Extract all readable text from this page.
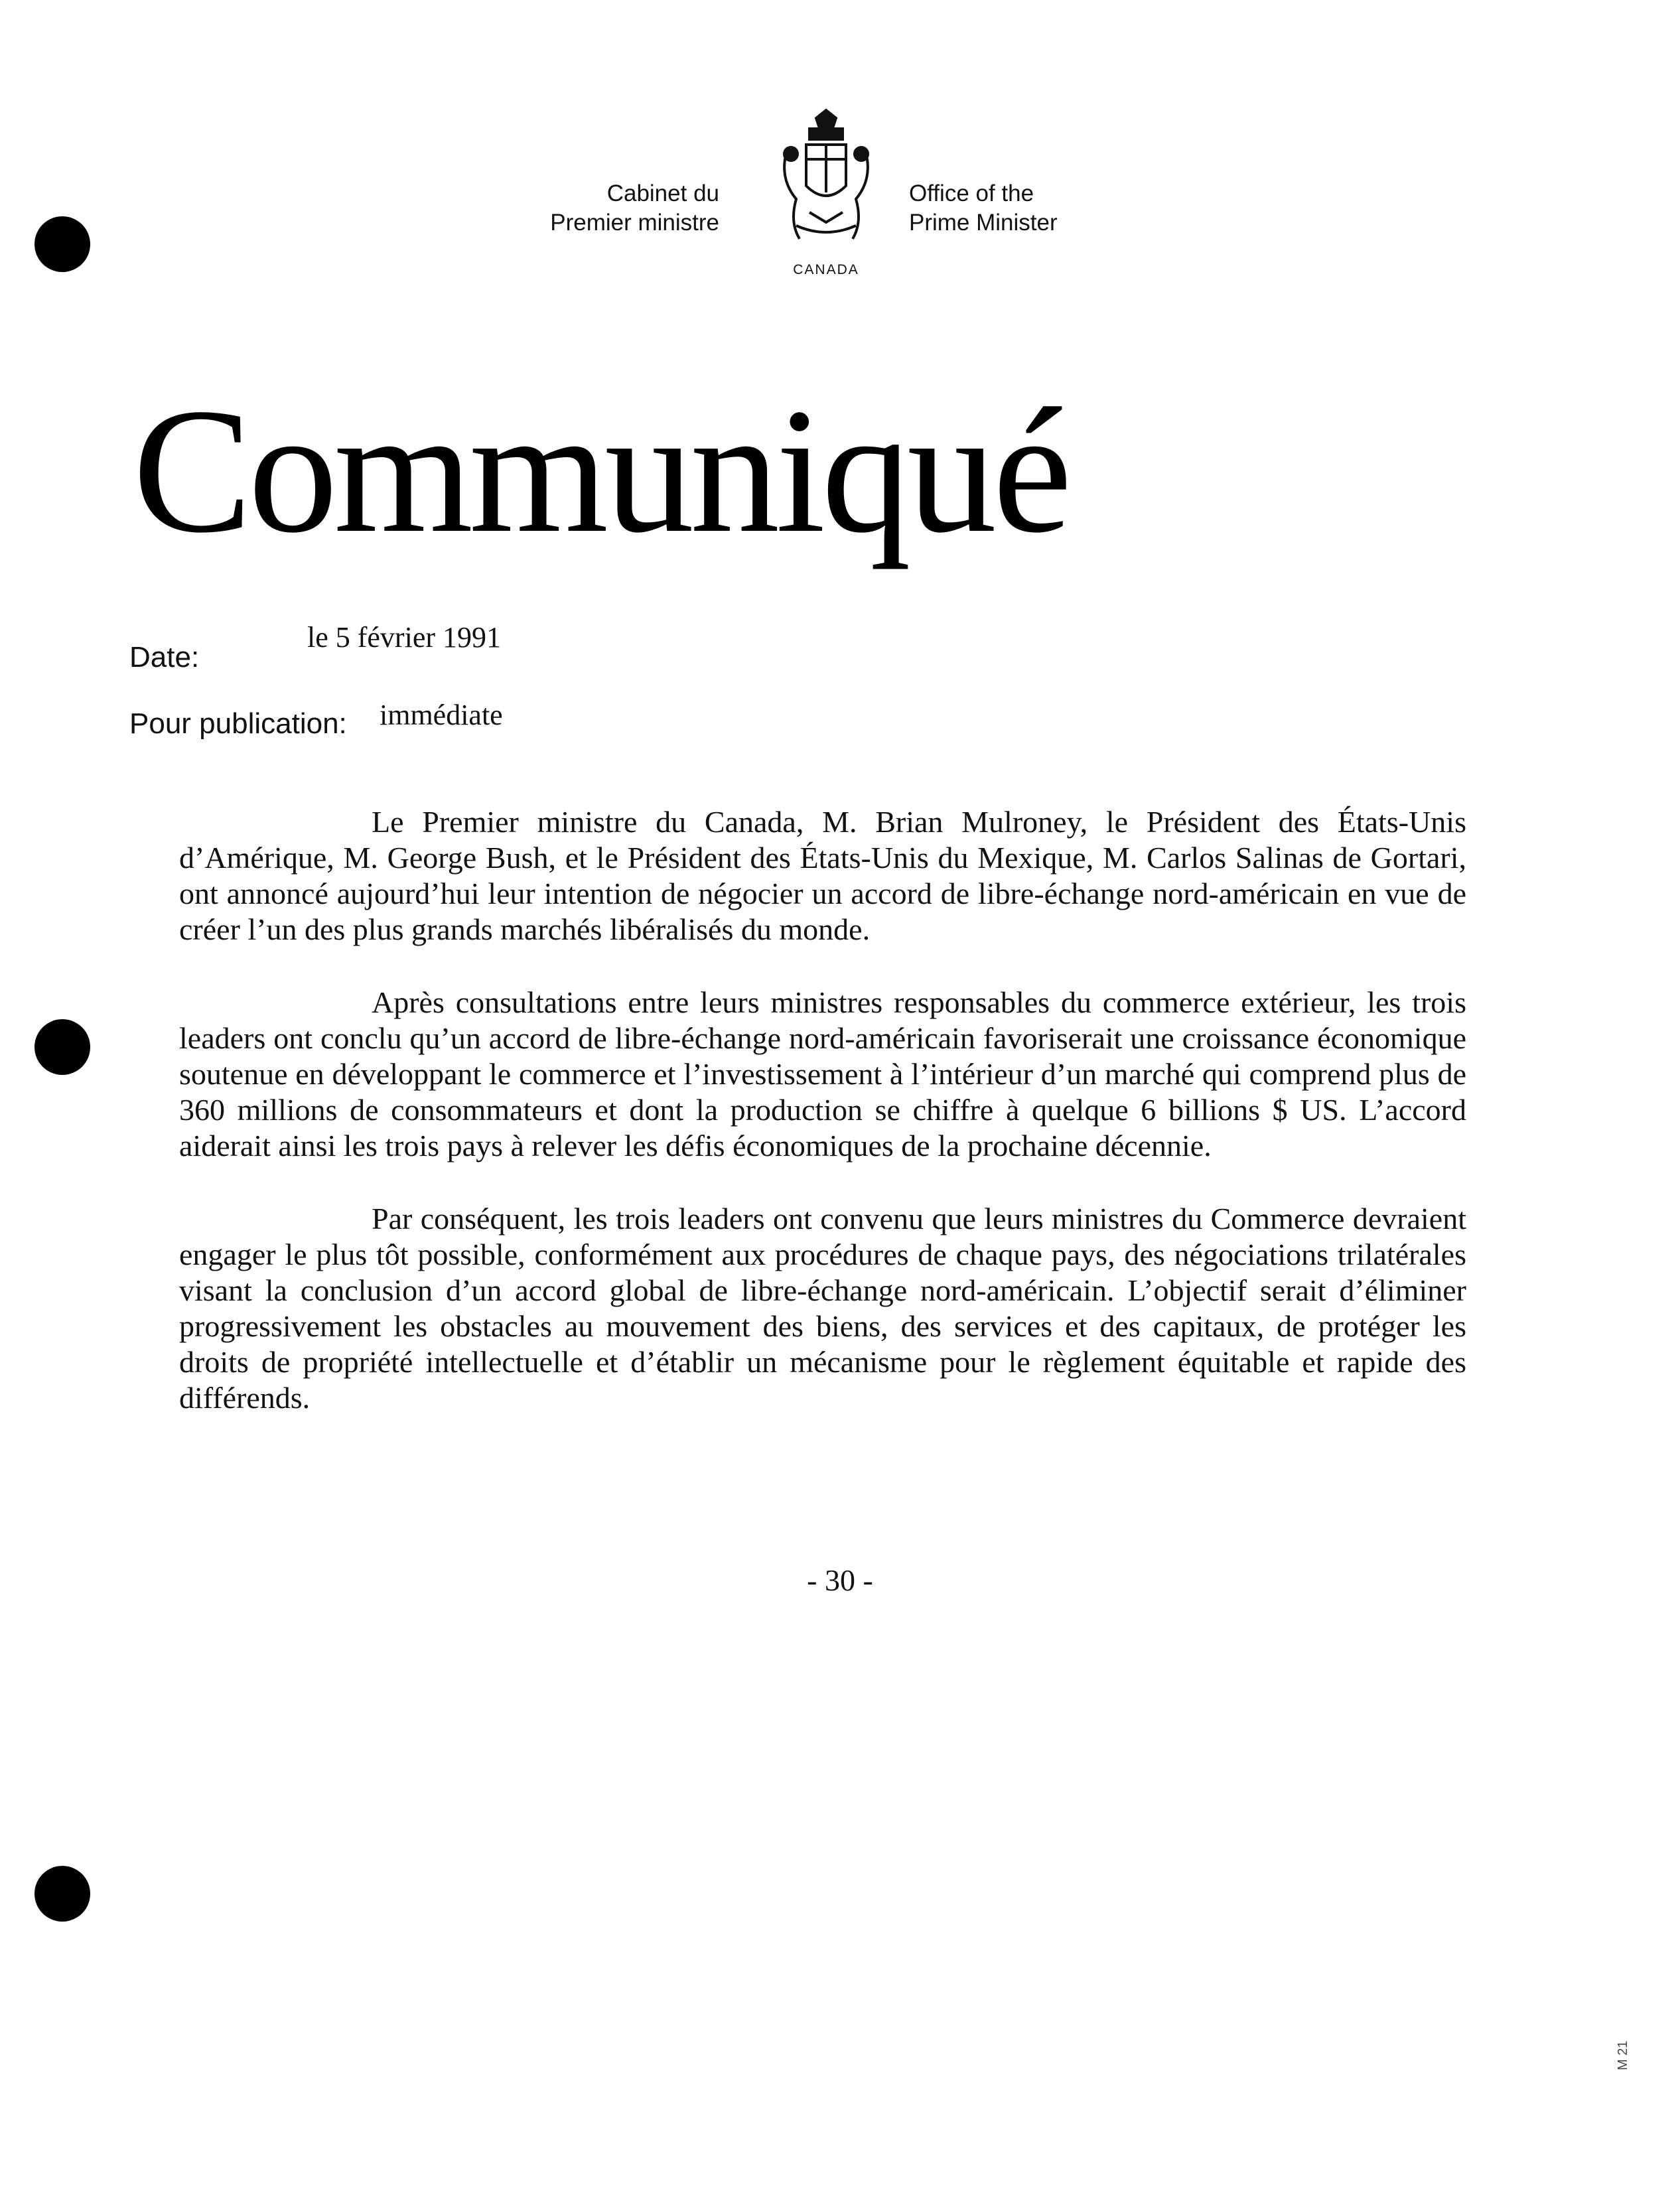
Cabinet du
Premier ministre
CANADA
Office of the
Prime Minister
Communiqué
Date:
le 5 février 1991
Pour publication: immédiate

Le Premier ministre du Canada, M. Brian Mulroney, le Président des États-Unis d’Amérique, M. George Bush, et le Président des États-Unis du Mexique, M. Carlos Salinas de Gortari, ont annoncé aujourd’hui leur intention de négocier un accord de libre-échange nord-américain en vue de créer l’un des plus grands marchés libéralisés du monde.

Après consultations entre leurs ministres responsables du commerce extérieur, les trois leaders ont conclu qu’un accord de libre-échange nord-américain favoriserait une croissance économique soutenue en développant le commerce et l’investissement à l’intérieur d’un marché qui comprend plus de 360 millions de consommateurs et dont la production se chiffre à quelque 6 billions $ US. L’accord aiderait ainsi les trois pays à relever les défis économiques de la prochaine décennie.

Par conséquent, les trois leaders ont convenu que leurs ministres du Commerce devraient engager le plus tôt possible, conformément aux procédures de chaque pays, des négociations trilatérales visant la conclusion d’un accord global de libre-échange nord-américain. L’objectif serait d’éliminer progressivement les obstacles au mouvement des biens, des services et des capitaux, de protéger les droits de propriété intellectuelle et d’établir un mécanisme pour le règlement équitable et rapide des différends.

- 30 -
M 21
